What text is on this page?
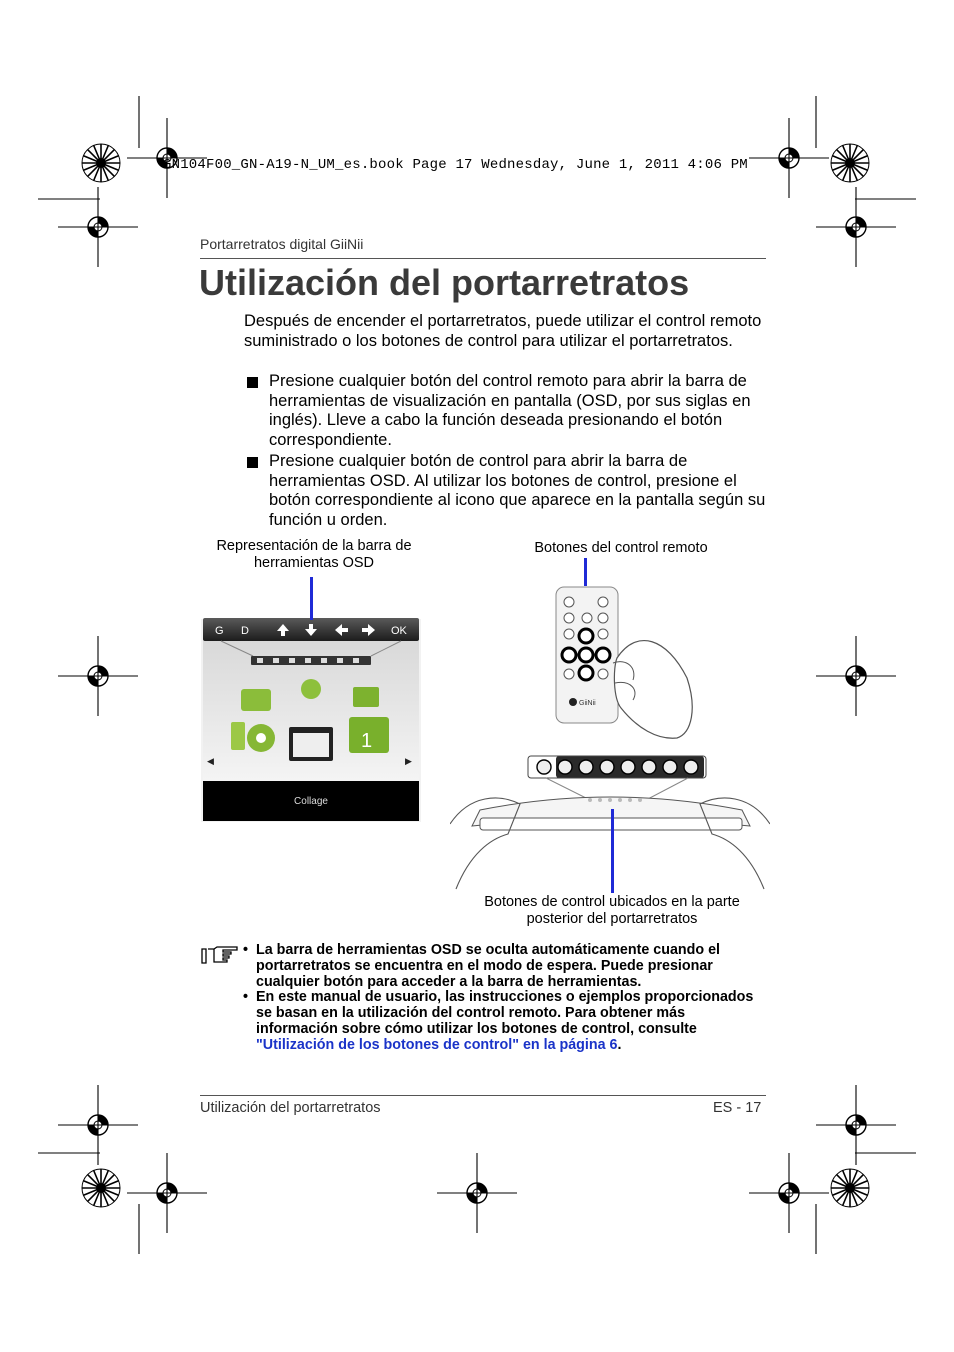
GN104F00_GN-A19-N_UM_es.book Page 17 Wednesday, June 1, 2011 4:06 PM
Portarretratos digital GiiNii
Utilización del portarretratos
Después de encender el portarretratos, puede utilizar el control remoto suministrado o los botones de control para utilizar el portarretratos.
Presione cualquier botón del control remoto para abrir la barra de herramientas de visualización en pantalla (OSD, por sus siglas en inglés). Lleve a cabo la función deseada presionando el botón correspondiente.
Presione cualquier botón de control para abrir la barra de herramientas OSD. Al utilizar los botones de control, presione el botón correspondiente al icono que aparece en la pantalla según su función u orden.
Representación de la barra de herramientas OSD
Botones del control remoto
Botones de control ubicados en la parte posterior del portarretratos
G D	OK
1
◀	▶
Collage
GiiNii
• La barra de herramientas OSD se oculta automáticamente cuando el portarretratos se encuentra en el modo de espera. Puede presionar cualquier botón para acceder a la barra de herramientas.
• En este manual de usuario, las instrucciones o ejemplos proporcionados se basan en la utilización del control remoto. Para obtener más información sobre cómo utilizar los botones de control, consulte "Utilización de los botones de control" en la página 6.
Utilización del portarretratos	ES - 17
